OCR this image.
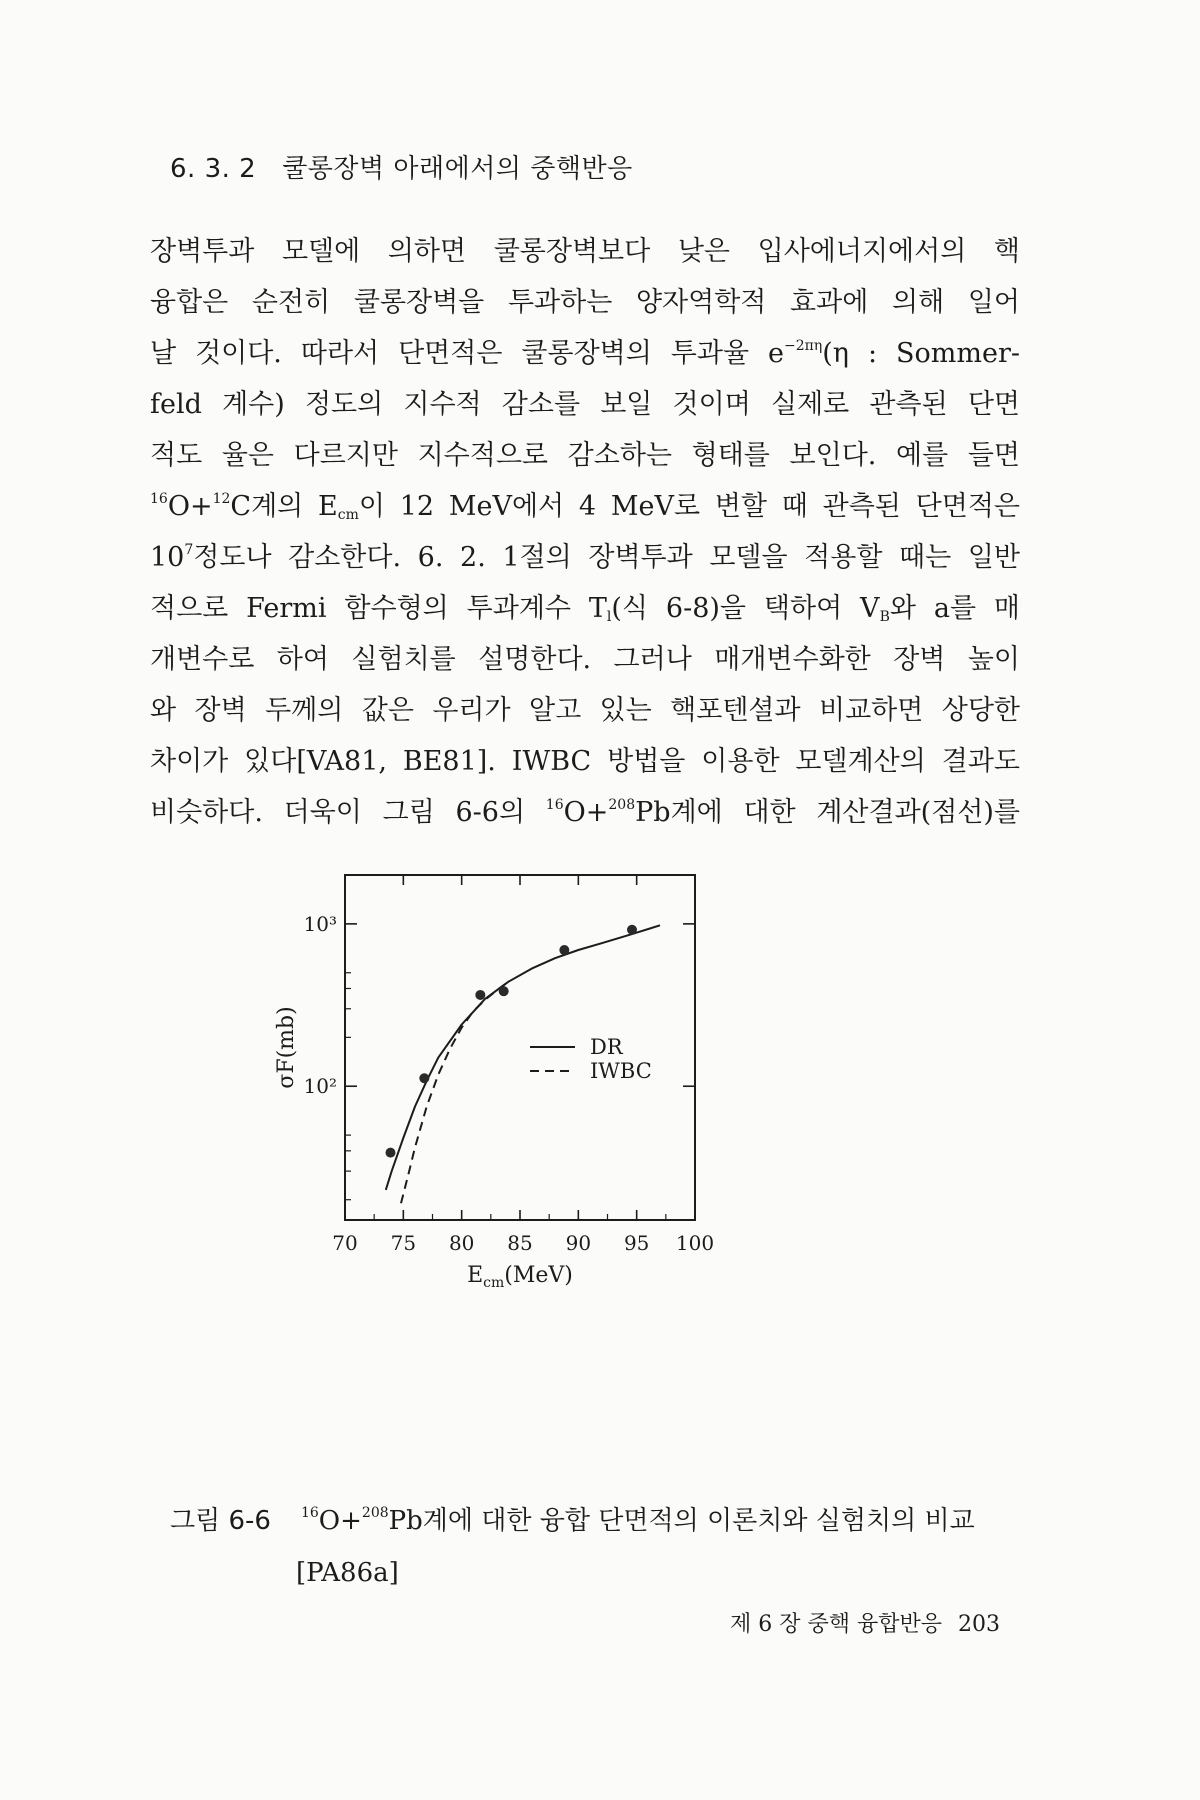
6. 3. 2 쿨롱장벽 아래에서의 중핵반응
장벽투과 모델에 의하면 쿨롱장벽보다 낮은 입사에너지에서의 핵
융합은 순전히 쿨롱장벽을 투과하는 양자역학적 효과에 의해 일어
날 것이다. 따라서 단면적은 쿨롱장벽의 투과율 $e^{-2\pi\eta}(\eta$ : Sommer-
feld 계수) 정도의 지수적 감소를 보일 것이며 실제로 관측된 단면
적도 율은 다르지만 지수적으로 감소하는 형태를 보인다. 예를 들면
$^{16}$O+$^{12}$C계의 $E_{cm}$이 12 MeV에서 4 MeV로 변할 때 관측된 단면적은
$10^7$정도나 감소한다. 6. 2. 1절의 장벽투과 모델을 적용할 때는 일반
적으로 Fermi 함수형의 투과계수 $T_l$(식 6-8)을 택하여 $V_B$와 a를 매
개변수로 하여 실험치를 설명한다. 그러나 매개변수화한 장벽 높이
와 장벽 두께의 값은 우리가 알고 있는 핵포텐셜과 비교하면 상당한
차이가 있다[VA81, BE81]. IWBC 방법을 이용한 모델계산의 결과도
비슷하다. 더욱이 그림 6-6의 $^{16}$O+$^{208}$Pb계에 대한 계산결과(점선)를
70 75 80 85 90 95 100
10²
10³
DR
IWBC
σF(mb)
$E_{cm}(MeV)$
그림 6-6 $^{16}$O+$^{208}$Pb계에 대한 융합 단면적의 이론치와 실험치의 비교
[PA86a]
제 6 장 중핵 융합반응 203
